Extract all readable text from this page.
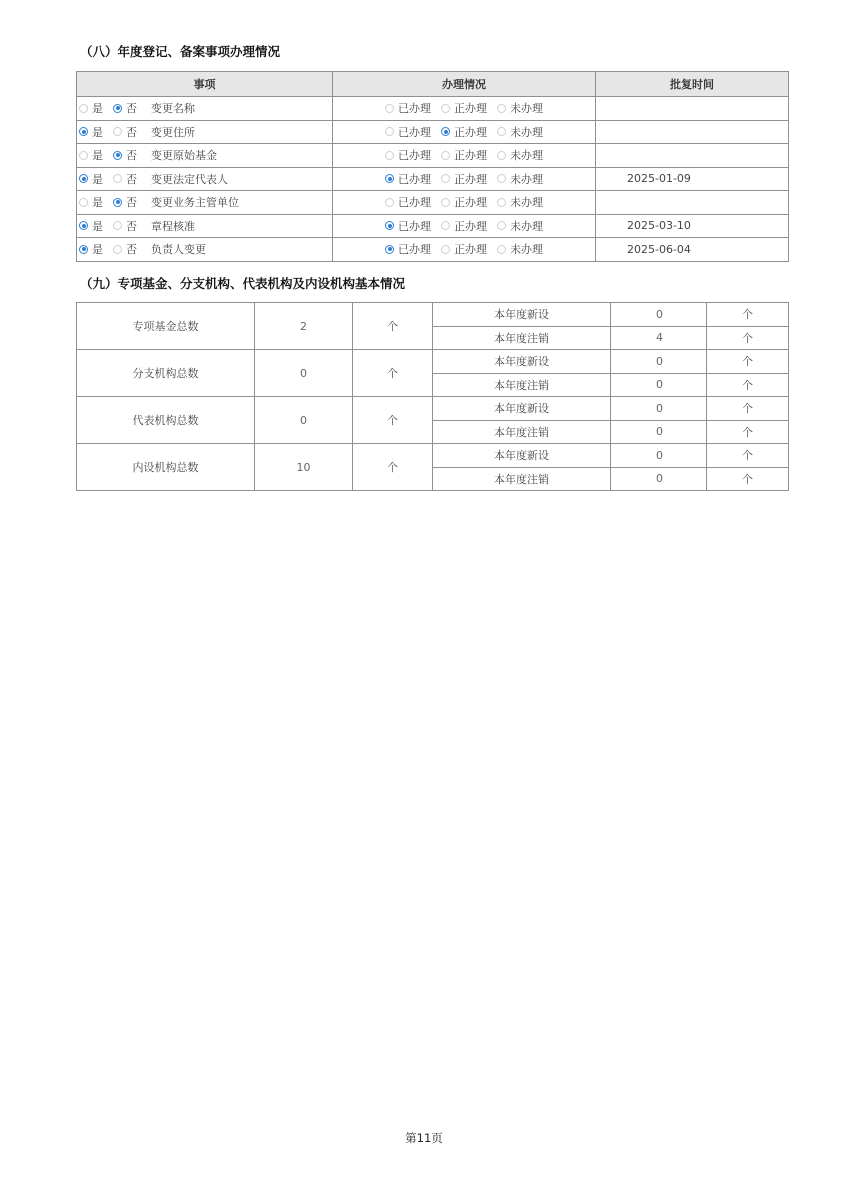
（八）年度登记、备案事项办理情况
事项	办理情况	批复时间
是 否 变更名称	已办理 正办理 未办理	
是 否 变更住所	已办理 正办理 未办理	
是 否 变更原始基金	已办理 正办理 未办理	
是 否 变更法定代表人	已办理 正办理 未办理	2025-01-09
是 否 变更业务主管单位	已办理 正办理 未办理	
是 否 章程核准	已办理 正办理 未办理	2025-03-10
是 否 负责人变更	已办理 正办理 未办理	2025-06-04
（九）专项基金、分支机构、代表机构及内设机构基本情况
专项基金总数	2	个	本年度新设	0	个
			本年度注销	4	个
分支机构总数	0	个	本年度新设	0	个
			本年度注销	0	个
代表机构总数	0	个	本年度新设	0	个
			本年度注销	0	个
内设机构总数	10	个	本年度新设	0	个
			本年度注销	0	个
第11页
